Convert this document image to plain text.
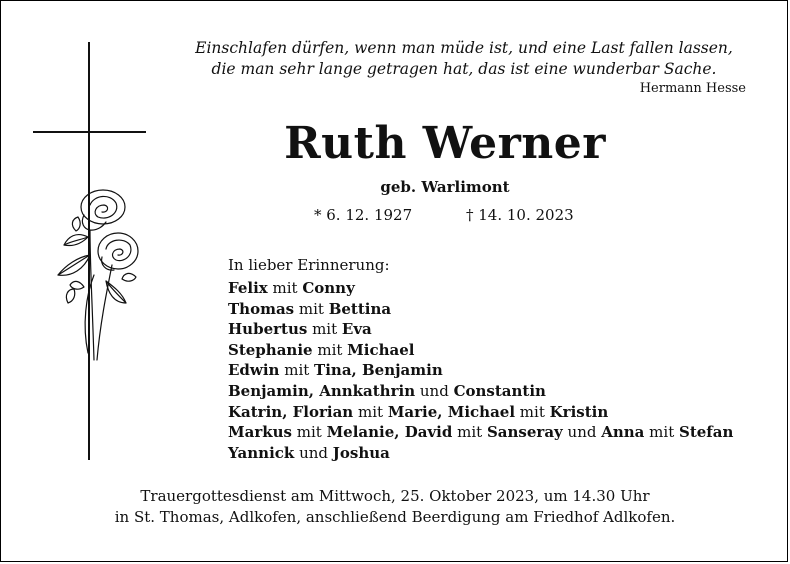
Einschlafen dürfen, wenn man müde ist, und eine Last fallen lassen,
die man sehr lange getragen hat, das ist eine wunderbar Sache.
Hermann Hesse
Ruth Werner
geb. Warlimont
* 6. 12. 1927	† 14. 10. 2023
In lieber Erinnerung:
Felix mit Conny
Thomas mit Bettina
Hubertus mit Eva
Stephanie mit Michael
Edwin mit Tina, Benjamin
Benjamin, Annkathrin und Constantin
Katrin, Florian mit Marie, Michael mit Kristin
Markus mit Melanie, David mit Sanseray und Anna mit Stefan
Yannick und Joshua
Trauergottesdienst am Mittwoch, 25. Oktober 2023, um 14.30 Uhr
in St. Thomas, Adlkofen, anschließend Beerdigung am Friedhof Adlkofen.
